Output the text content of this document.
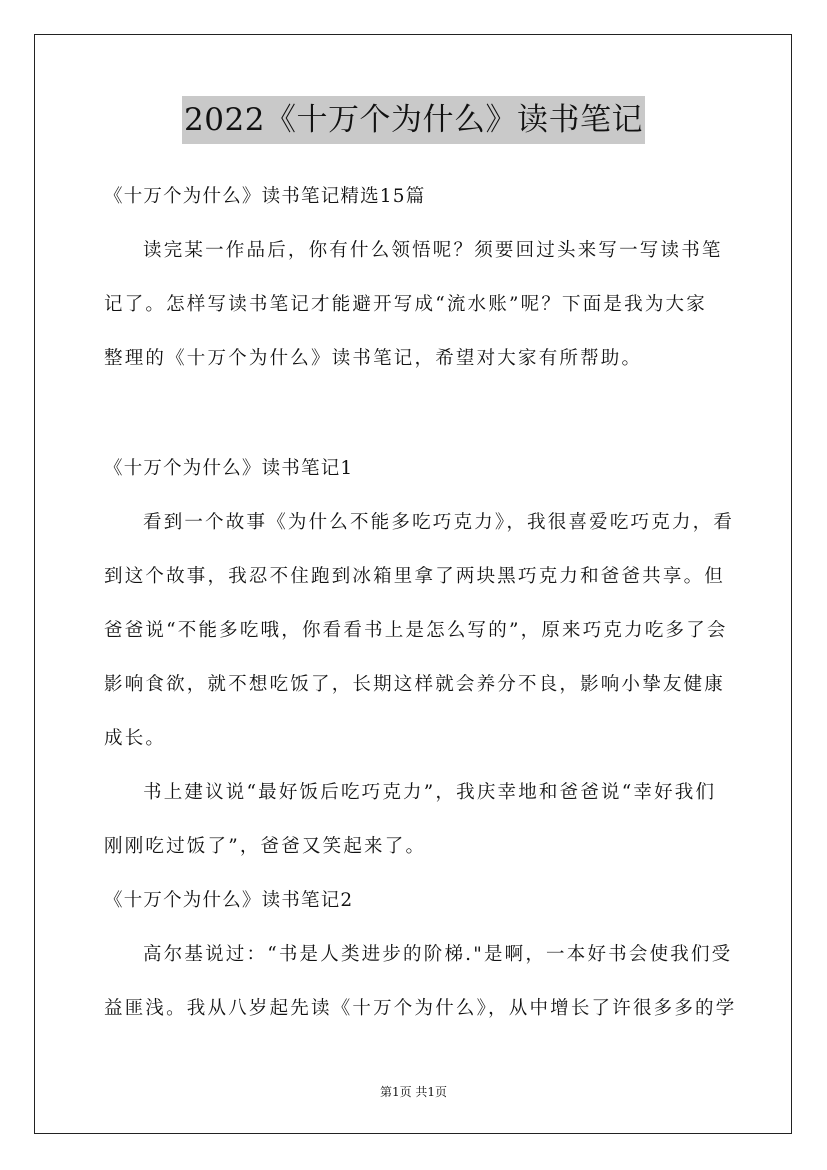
2022《十万个为什么》读书笔记
《十万个为什么》读书笔记精选15篇
读完某一作品后，你有什么领悟呢？须要回过头来写一写读书笔
记了。怎样写读书笔记才能避开写成“流水账”呢？下面是我为大家
整理的《十万个为什么》读书笔记，希望对大家有所帮助。
《十万个为什么》读书笔记1
看到一个故事《为什么不能多吃巧克力》，我很喜爱吃巧克力，看
到这个故事，我忍不住跑到冰箱里拿了两块黑巧克力和爸爸共享。但
爸爸说“不能多吃哦，你看看书上是怎么写的”，原来巧克力吃多了会
影响食欲，就不想吃饭了，长期这样就会养分不良，影响小挚友健康
成长。
书上建议说“最好饭后吃巧克力”，我庆幸地和爸爸说“幸好我们
刚刚吃过饭了”，爸爸又笑起来了。
《十万个为什么》读书笔记2
高尔基说过：“书是人类进步的阶梯."是啊，一本好书会使我们受
益匪浅。我从八岁起先读《十万个为什么》，从中增长了许很多多的学
第1页 共1页
